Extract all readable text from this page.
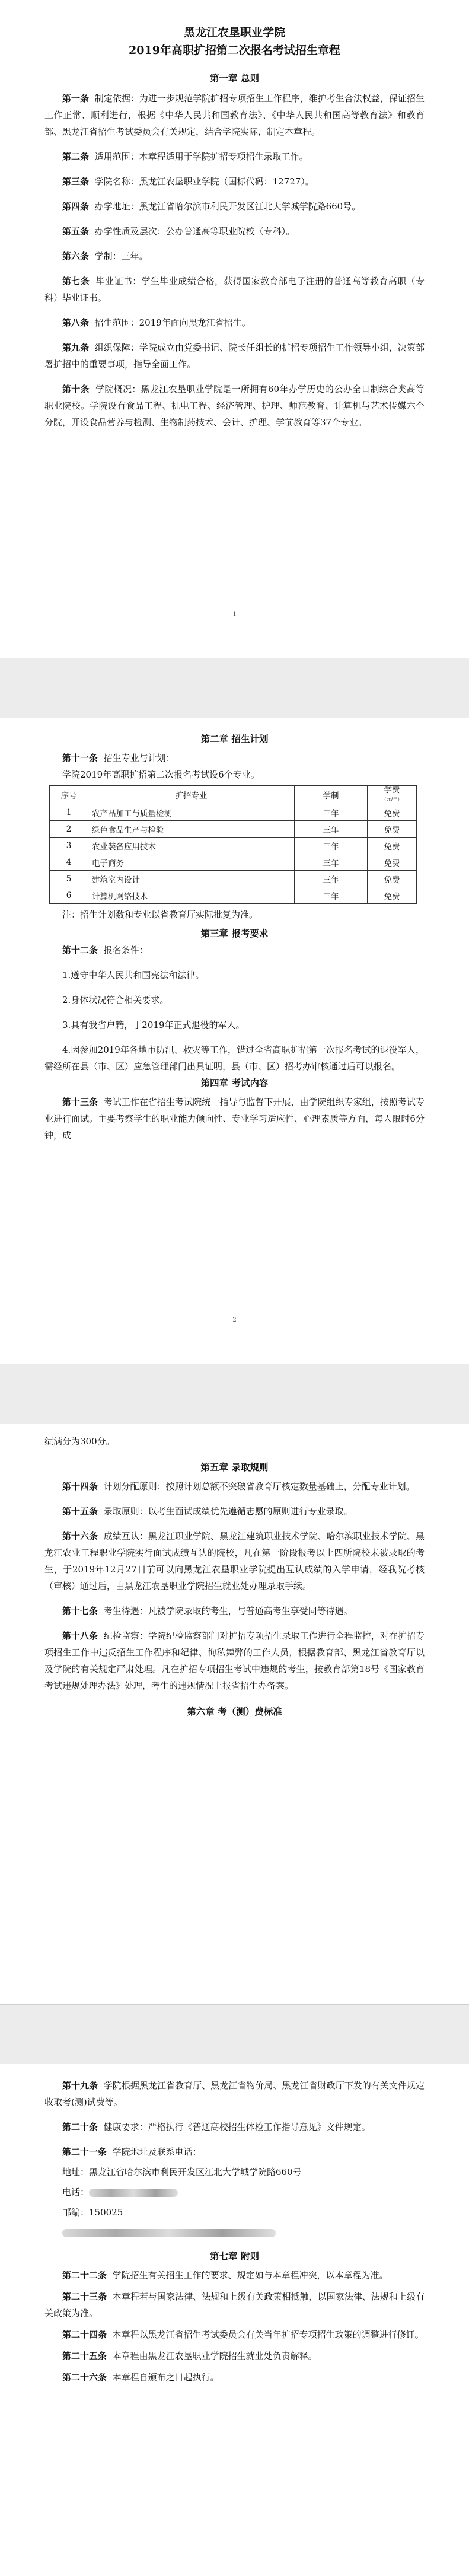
黑龙江农垦职业学院

2019年高职扩招第二次报名考试招生章程

第一章 总则

第一条 制定依据：为进一步规范学院扩招专项招生工作程序，维护考生合法权益，保证招生工作正常、顺利进行，根据《中华人民共和国教育法》、《中华人民共和国高等教育法》和教育部、黑龙江省招生考试委员会有关规定，结合学院实际，制定本章程。

第二条 适用范围：本章程适用于学院扩招专项招生录取工作。

第三条 学院名称：黑龙江农垦职业学院（国标代码：12727）。

第四条 办学地址：黑龙江省哈尔滨市利民开发区江北大学城学院路660号。

第五条 办学性质及层次：公办普通高等职业院校（专科）。

第六条 学制：三年。

第七条 毕业证书：学生毕业成绩合格，获得国家教育部电子注册的普通高等教育高职（专科）毕业证书。

第八条 招生范围：2019年面向黑龙江省招生。

第九条 组织保障：学院成立由党委书记、院长任组长的扩招专项招生工作领导小组，决策部署扩招中的重要事项，指导全面工作。

第十条 学院概况：黑龙江农垦职业学院是一所拥有60年办学历史的公办全日制综合类高等职业院校。学院设有食品工程、机电工程、经济管理、护理、师范教育、计算机与艺术传媒六个分院，开设食品营养与检测、生物制药技术、会计、护理、学前教育等37个专业。

1

第二章 招生计划

第十一条 招生专业与计划：

学院2019年高职扩招第二次报名考试设6个专业。

序号	扩招专业	学制	学费
（元/年）
1	农产品加工与质量检测	三年	免费
2	绿色食品生产与检验	三年	免费
3	农业装备应用技术	三年	免费
4	电子商务	三年	免费
5	建筑室内设计	三年	免费
6	计算机网络技术	三年	免费

注：招生计划数和专业以省教育厅实际批复为准。

第三章 报考要求

第十二条 报名条件：

1.遵守中华人民共和国宪法和法律。

2.身体状况符合相关要求。

3.具有我省户籍，于2019年正式退役的军人。

4.因参加2019年各地市防汛、救灾等工作，错过全省高职扩招第一次报名考试的退役军人，需经所在县（市、区）应急管理部门出具证明，县（市、区）招考办审核通过后可以报名。

第四章 考试内容

第十三条 考试工作在省招生考试院统一指导与监督下开展，由学院组织专家组，按照考试专业进行面试。主要考察学生的职业能力倾向性、专业学习适应性、心理素质等方面，每人限时6分钟，成

2

绩满分为300分。

第五章 录取规则

第十四条 计划分配原则：按照计划总额不突破省教育厅核定数量基础上，分配专业计划。

第十五条 录取原则：以考生面试成绩优先遵循志愿的原则进行专业录取。

第十六条 成绩互认：黑龙江职业学院、黑龙江建筑职业技术学院、哈尔滨职业技术学院、黑龙江农业工程职业学院实行面试成绩互认的院校，凡在第一阶段报考以上四所院校未被录取的考生，于2019年12月27日前可以向黑龙江农垦职业学院提出互认成绩的入学申请，经我院考核（审核）通过后，由黑龙江农垦职业学院招生就业处办理录取手续。

第十七条 考生待遇：凡被学院录取的考生，与普通高考生享受同等待遇。

第十八条 纪检监察：学院纪检监察部门对扩招专项招生录取工作进行全程监控，对在扩招专项招生工作中违反招生工作程序和纪律、徇私舞弊的工作人员，根据教育部、黑龙江省教育厅以及学院的有关规定严肃处理。凡在扩招专项招生考试中违规的考生，按教育部第18号《国家教育考试违规处理办法》处理，考生的违规情况上报省招生办备案。

第六章 考（测）费标准

第十九条 学院根据黑龙江省教育厅、黑龙江省物价局、黑龙江省财政厅下发的有关文件规定收取考(测)试费等。

第二十条 健康要求：严格执行《普通高校招生体检工作指导意见》文件规定。

第二十一条 学院地址及联系电话：

地址：黑龙江省哈尔滨市利民开发区江北大学城学院路660号

电话：

邮编：150025

第七章 附则

第二十二条 学院招生有关招生工作的要求、规定如与本章程冲突，以本章程为准。

第二十三条 本章程若与国家法律、法规和上级有关政策相抵触，以国家法律、法规和上级有关政策为准。

第二十四条 本章程以黑龙江省招生考试委员会有关当年扩招专项招生政策的调整进行修订。

第二十五条 本章程由黑龙江农垦职业学院招生就业处负责解释。

第二十六条 本章程自颁布之日起执行。
